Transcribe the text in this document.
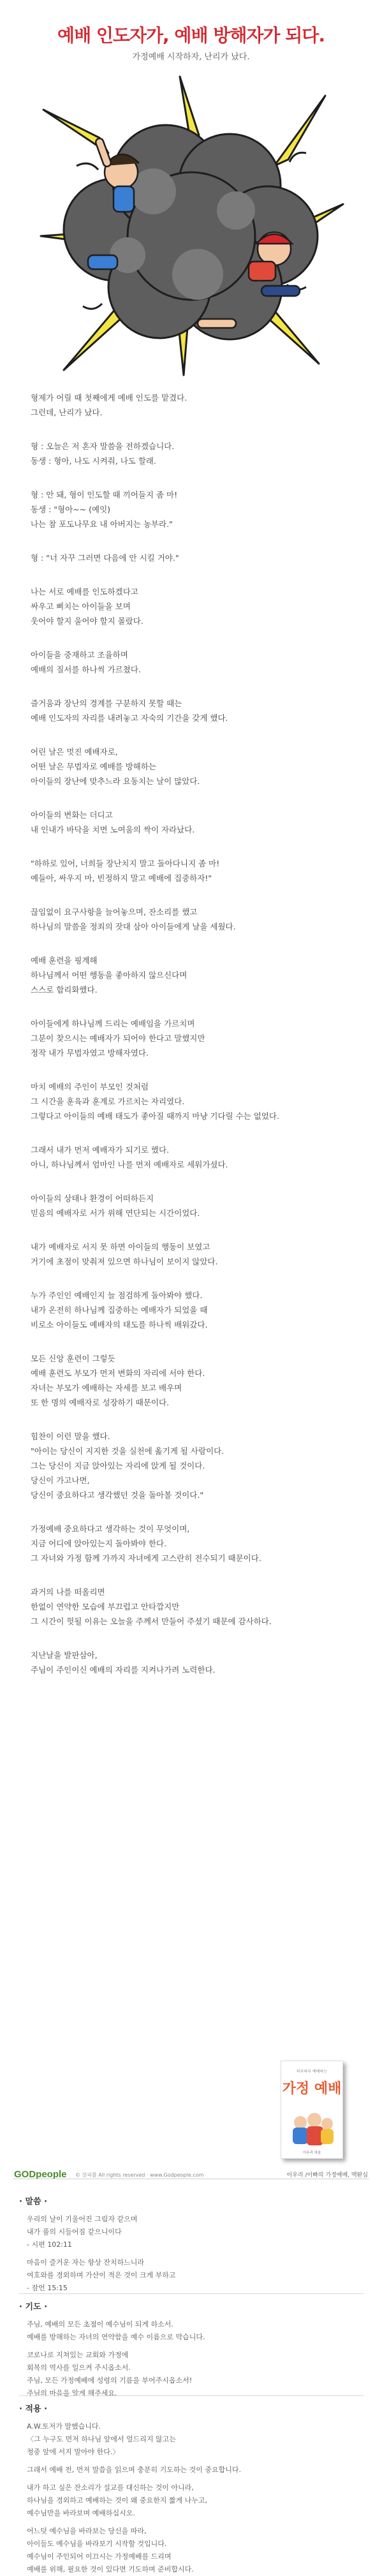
예배 인도자가, 예배 방해자가 되다.
가정예배 시작하자, 난리가 났다.

형제가 어릴 때 첫째에게 예배 인도를 맡겼다.
그런데, 난리가 났다.

형 : 오늘은 저 혼자 말씀을 전하겠습니다.
동생 : 형아, 나도 시켜줘, 나도 할래.

형 : 안 돼, 형이 인도할 때 끼어들지 좀 마!
동생 : "형아~~ (예잇)
나는 참 포도나무요 내 아버지는 농부라."

형 : "너 자꾸 그러면 다음에 안 시킬 거야."

나는 서로 예배를 인도하겠다고
싸우고 삐치는 아이들을 보며
웃어야 할지 울어야 할지 몰랐다.

아이들을 중재하고 조율하며
예배의 질서를 하나씩 가르쳤다.

즐거움과 장난의 경계를 구분하지 못할 때는
예배 인도자의 자리를 내려놓고 자숙의 기간을 갖게 했다.

어린 날은 멋진 예배자로,
어떤 날은 무법자로 예배를 방해하는
아이들의 장난에 맞추느라 요동치는 날이 많았다.

아이들의 변화는 더디고
내 인내가 바닥을 치면 노여움의 싹이 자라났다.

"하하로 있어, 너희들 장난치지 말고 돌아다니지 좀 마!
예들아, 싸우지 마, 빈정하지 말고 예배에 집중하자!"

끊임없이 요구사항을 늘어놓으며, 잔소리를 했고
하나님의 말씀을 정죄의 잣대 삼아 아이들에게 날을 세웠다.

예배 훈련을 핑계해
하나님께서 어떤 행동을 좋아하지 않으신다며
스스로 합리화했다.

아이들에게 하나님께 드리는 예배임을 가르치며
그분이 찾으시는 예배자가 되어야 한다고 말했지만
정작 내가 무법자였고 방해자였다.

마치 예배의 주인이 부모인 것처럼
그 시간을 훈육과 훈계로 가르치는 자리였다.
그렇다고 아이들의 예배 태도가 좋아질 때까지 마냥 기다릴 수는 없었다.

그래서 내가 먼저 예배자가 되기로 했다.
아니, 하나님께서 엄마인 나를 먼저 예배자로 세워가셨다.

아이들의 상태나 환경이 어떠하든지
믿음의 예배자로 서가 위해 연단되는 시간이었다.

내가 예배자로 서지 못 하면 아이들의 행동이 보였고
거기에 초점이 맞춰져 있으면 하나님이 보이지 않았다.

누가 주인인 예배인지 늘 점검하게 돌아봐야 했다.
내가 온전히 하나님께 집중하는 예배자가 되었을 때
비로소 아이들도 예배자의 태도를 하나씩 배워갔다.

모든 신앙 훈련이 그렇듯
예배 훈련도 부모가 먼저 변화의 자리에 서야 한다.
자녀는 부모가 예배하는 자세를 보고 배우며
또 한 명의 예배자로 성장하기 때문이다.

힘찬이 이런 말을 했다.
"아이는 당신이 지지한 것을 실천에 옮기게 될 사람이다.
그는 당신이 지금 앉아있는 자리에 앉게 될 것이다.
당신이 가고나면,
당신이 중요하다고 생각했던 것을 돌아볼 것이다."

가정예배 중요하다고 생각하는 것이 무엇이며,
지금 어디에 앉아있는지 돌아봐야 한다.
그 자녀와 가정 함께 가까지 자녀에게 고스란히 전수되기 때문이다.

과거의 나를 떠올리면
한없이 연약한 모습에 부끄럽고 안타깝지만
그 시간이 헛될 이유는 오늘을 주께서 만들어 주셨기 때문에 감사하다.

지난날을 발판삼아,
주님이 주인이신 예배의 자리를 지켜나가려 노력한다.

하루하루 예배하는
가정 예배
이우리 지음
GODpeople © 갓피플 All rights reserved · www.Godpeople.com	이우리 /이빠의 가정예배, 맥퇀심
· 말씀 ·
우리의 날이 기울어진 그림자 같으며
내가 풀의 시들어짐 같으니이다
- 시편 102:11
마음이 즐거운 자는 항상 잔치하느니라
여호와를 경외하며 가산이 적은 것이 크게 부하고
- 잠언 15:15
· 기도 ·
주님, 예배의 모든 초점이 예수님이 되게 하소서.
예배를 방해하는 자녀의 연약함을 예수 이름으로 막습니다.
코로나로 지쳐있는 교회와 가정에
회복의 역사를 일으켜 주시옵소서.
주님, 모든 가정예배에 성령의 기름을 부어주시옵소서!
주님의 마음을 알게 해주세요.
· 적용 ·
A.W.토저가 말했습니다.
〈그 누구도 먼저 하나님 앞에서 엎드리지 않고는
청중 앞에 서지 말아야 한다.〉
그래서 예배 전, 먼저 말씀을 읽으며 충분히 기도하는 것이 중요합니다.
내가 하고 싶은 잔소리가 설교를 대신하는 것이 아니라,
하나님을 경외하고 예배하는 것이 왜 중요한지 짧게 나누고,
예수님만을 바라보며 예배하십시오.
어느덧 예수님을 바라보는 당신을 따라,
아이들도 예수님을 바라보기 시작할 것입니다.
예수님이 주인되어 이끄시는 가정예배를 드리며
예배를 위해, 필요한 것이 있다면 기도하며 준비합시다.
